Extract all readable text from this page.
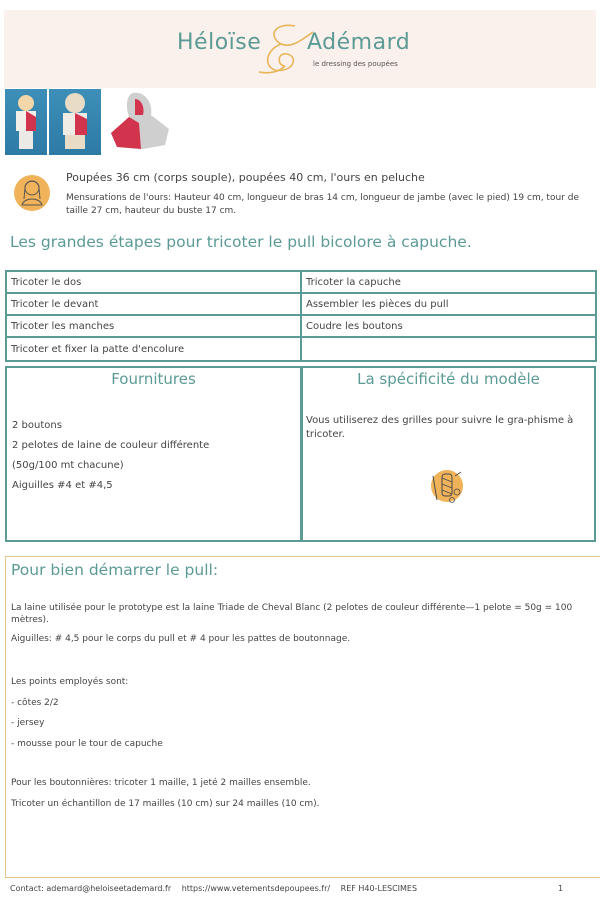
Héloïse Adémard
le dressing des poupées
Poupées 36 cm (corps souple), poupées 40 cm, l'ours en peluche
Mensurations de l'ours: Hauteur 40 cm, longueur de bras 14 cm, longueur de jambe (avec le pied) 19 cm, tour de taille 27 cm, hauteur du buste 17 cm.
Les grandes étapes pour tricoter le pull bicolore à capuche.
Tricoter le dos	Tricoter la capuche
Tricoter le devant	Assembler les pièces du pull
Tricoter les manches	Coudre les boutons
Tricoter et fixer la patte d'encolure	
Fournitures
2 boutons
2 pelotes de laine de couleur différente
(50g/100 mt chacune)
Aiguilles #4 et #4,5
La spécificité du modèle
Vous utiliserez des grilles pour suivre le gra-phisme à tricoter.
Pour bien démarrer le pull:

La laine utilisée pour le prototype est la laine Triade de Cheval Blanc (2 pelotes de couleur différente—1 pelote = 50g = 100 mètres).

Aiguilles: # 4,5 pour le corps du pull et # 4 pour les pattes de boutonnage.

Les points employés sont:

- côtes 2/2

- jersey

- mousse pour le tour de capuche

Pour les boutonnières: tricoter 1 maille, 1 jeté 2 mailles ensemble.

Tricoter un échantillon de 17 mailles (10 cm) sur 24 mailles (10 cm).

Contact: ademard@heloiseetademard.fr https://www.vetementsdepoupees.fr/ REF H40-LESCIMES	1
